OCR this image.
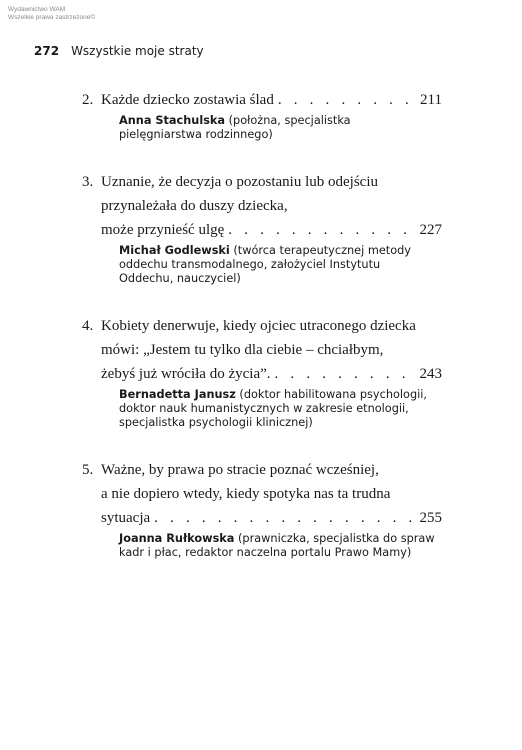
Wydawnictwo WAM
Wszelkie prawa zastrzeżone©
272 Wszystkie moje straty
2. Każde dziecko zostawia ślad . . .	211
Anna Stachulska (położna, specjalistka
pielęgniarstwa rodzinnego)
3. Uznanie, że decyzja o pozostaniu lub odejściu
przynależała do duszy dziecka,
może przynieść ulgę . . .	227
Michał Godlewski (twórca terapeutycznej metody
oddechu transmodalnego, założyciel Instytutu
Oddechu, nauczyciel)
4. Kobiety denerwuje, kiedy ojciec utraconego dziecka
mówi: „Jestem tu tylko dla ciebie – chciałbym,
żebyś już wróciła do życia”. . . .	243
Bernadetta Janusz (doktor habilitowana psychologii,
doktor nauk humanistycznych w zakresie etnologii,
specjalistka psychologii klinicznej)
5. Ważne, by prawa po stracie poznać wcześniej,
a nie dopiero wtedy, kiedy spotyka nas ta trudna
sytuacja . . .	255
Joanna Rułkowska (prawniczka, specjalistka do spraw
kadr i płac, redaktor naczelna portalu Prawo Mamy)
